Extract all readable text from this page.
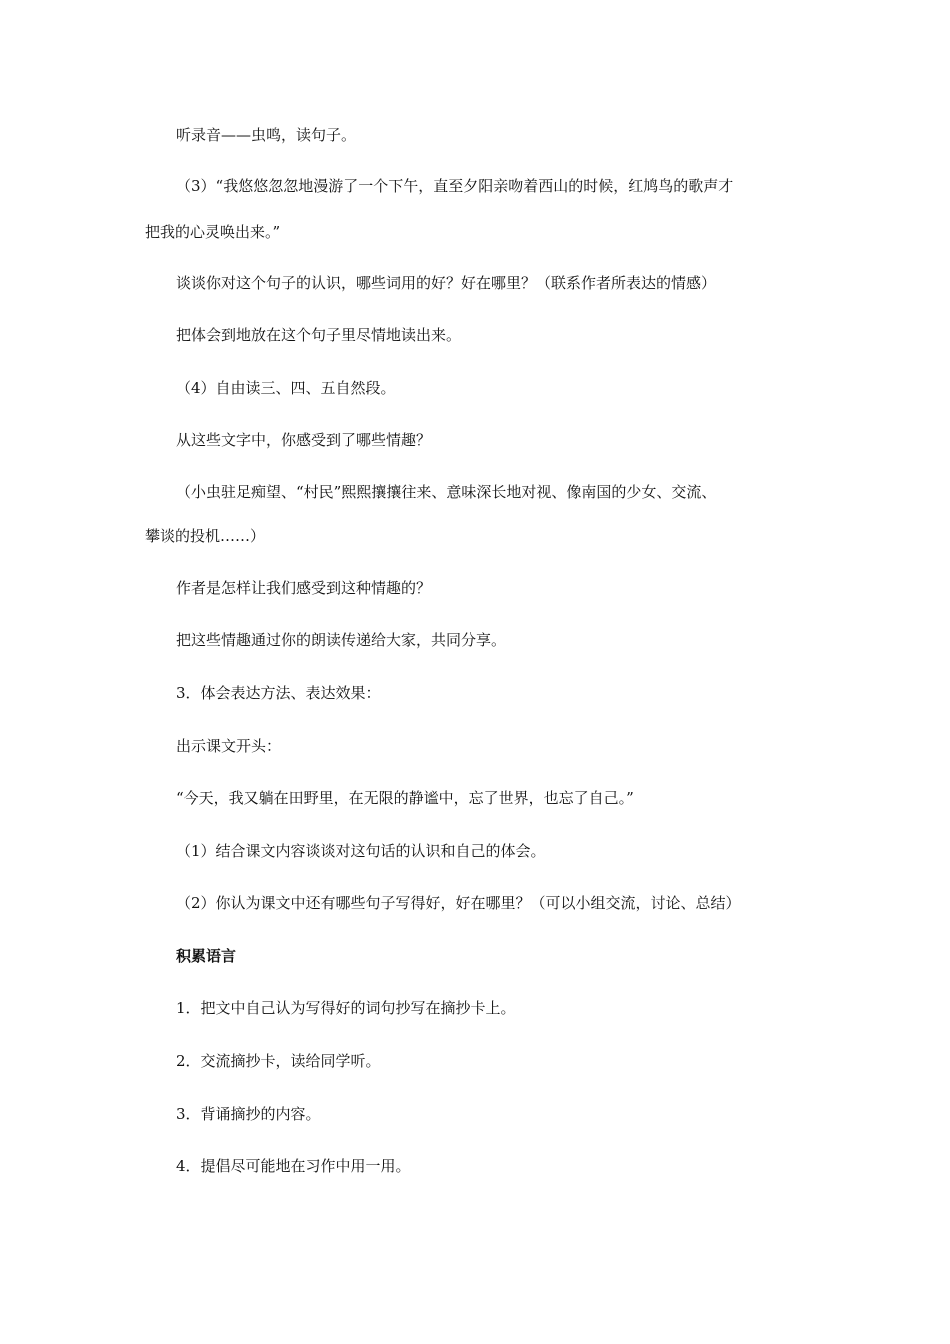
听录音——虫鸣，读句子。
（3）“我悠悠忽忽地漫游了一个下午，直至夕阳亲吻着西山的时候，红鸠鸟的歌声才
把我的心灵唤出来。”
谈谈你对这个句子的认识，哪些词用的好？好在哪里？（联系作者所表达的情感）
把体会到地放在这个句子里尽情地读出来。
（4）自由读三、四、五自然段。
从这些文字中，你感受到了哪些情趣？
（小虫驻足痴望、“村民”熙熙攘攘往来、意味深长地对视、像南国的少女、交流、
攀谈的投机……）
作者是怎样让我们感受到这种情趣的？
把这些情趣通过你的朗读传递给大家，共同分享。
3．体会表达方法、表达效果：
出示课文开头：
“今天，我又躺在田野里，在无限的静谧中，忘了世界，也忘了自己。”
（1）结合课文内容谈谈对这句话的认识和自己的体会。
（2）你认为课文中还有哪些句子写得好，好在哪里？（可以小组交流，讨论、总结）
积累语言
1．把文中自己认为写得好的词句抄写在摘抄卡上。
2．交流摘抄卡，读给同学听。
3．背诵摘抄的内容。
4．提倡尽可能地在习作中用一用。
